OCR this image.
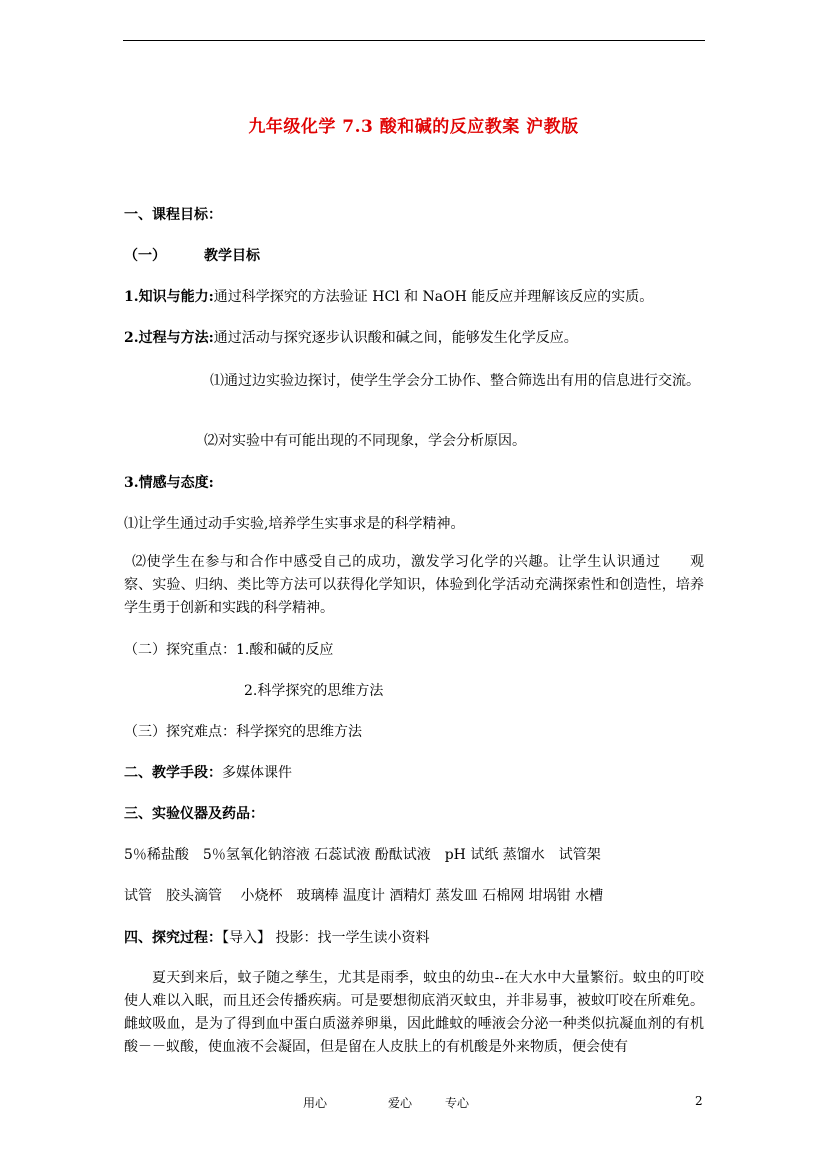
九年级化学 7.3 酸和碱的反应教案 沪教版
一、课程目标：
（一）	教学目标
1.知识与能力:通过科学探究的方法验证 HCl 和 NaOH 能反应并理解该反应的实质。
2.过程与方法:通过活动与探究逐步认识酸和碱之间，能够发生化学反应。
⑴通过边实验边探讨，使学生学会分工协作、整合筛选出有用的信息进行交流。
⑵对实验中有可能出现的不同现象，学会分析原因。
3.情感与态度:
⑴让学生通过动手实验,培养学生实事求是的科学精神。
⑵使学生在参与和合作中感受自己的成功，激发学习化学的兴趣。让学生认识通过　　观察、实验、归纳、类比等方法可以获得化学知识，体验到化学活动充满探索性和创造性，培养学生勇于创新和实践的科学精神。
（二）探究重点：1.酸和碱的反应
2.科学探究的思维方法
（三）探究难点：科学探究的思维方法
二、教学手段：多媒体课件
三、实验仪器及药品：
5％稀盐酸　5％氢氧化钠溶液 石蕊试液 酚酞试液　pH 试纸 蒸馏水　试管架
试管　胶头滴管　 小烧杯　玻璃棒 温度计 酒精灯 蒸发皿 石棉网 坩埚钳 水槽
四、探究过程：【导入】 投影：找一学生读小资料
夏天到来后，蚊子随之孳生，尤其是雨季，蚊虫的幼虫--在大水中大量繁衍。蚊虫的叮咬使人难以入眠，而且还会传播疾病。可是要想彻底消灭蚊虫，并非易事，被蚊叮咬在所难免。雌蚊吸血，是为了得到血中蛋白质滋养卵巢，因此雌蚊的唾液会分泌一种类似抗凝血剂的有机酸－－蚁酸，使血液不会凝固，但是留在人皮肤上的有机酸是外来物质，便会使有
用心	爱心	专心	2
